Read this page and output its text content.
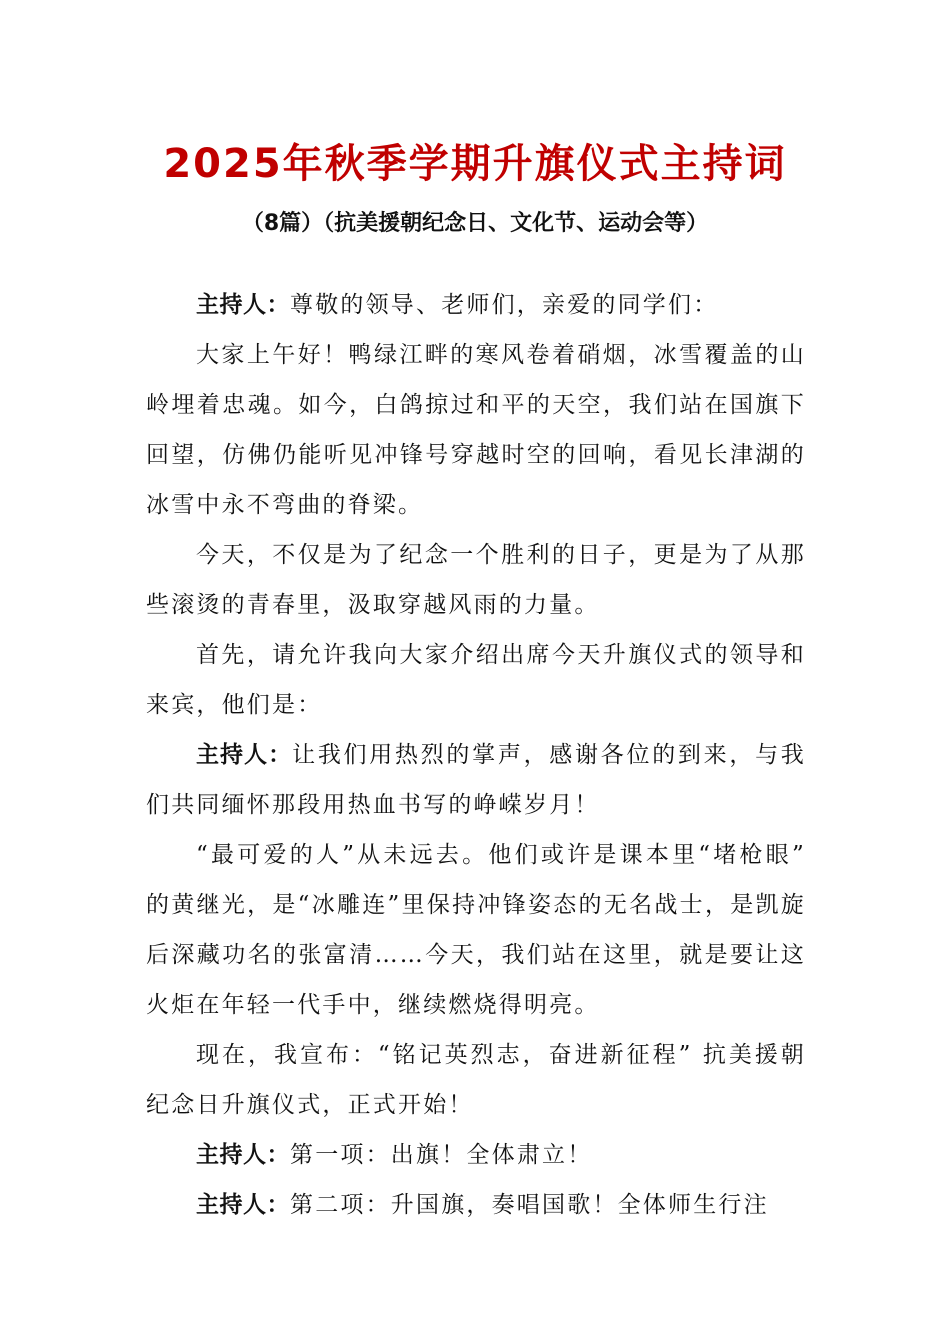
2025年秋季学期升旗仪式主持词
（8篇）（抗美援朝纪念日、文化节、运动会等）

主持人：尊敬的领导、老师们，亲爱的同学们：

大家上午好！鸭绿江畔的寒风卷着硝烟，冰雪覆盖的山岭埋着忠魂。如今，白鸽掠过和平的天空，我们站在国旗下回望，仿佛仍能听见冲锋号穿越时空的回响，看见长津湖的冰雪中永不弯曲的脊梁。

今天，不仅是为了纪念一个胜利的日子，更是为了从那些滚烫的青春里，汲取穿越风雨的力量。

首先，请允许我向大家介绍出席今天升旗仪式的领导和来宾，他们是：

主持人：让我们用热烈的掌声，感谢各位的到来，与我们共同缅怀那段用热血书写的峥嵘岁月！

“最可爱的人”从未远去。他们或许是课本里“堵枪眼” 的黄继光，是“冰雕连”里保持冲锋姿态的无名战士，是凯旋后深藏功名的张富清……今天，我们站在这里，就是要让这火炬在年轻一代手中，继续燃烧得明亮。

现在，我宣布：“铭记英烈志，奋进新征程” 抗美援朝纪念日升旗仪式，正式开始！

主持人：第一项：出旗！全体肃立！

主持人：第二项：升国旗，奏唱国歌！全体师生行注
